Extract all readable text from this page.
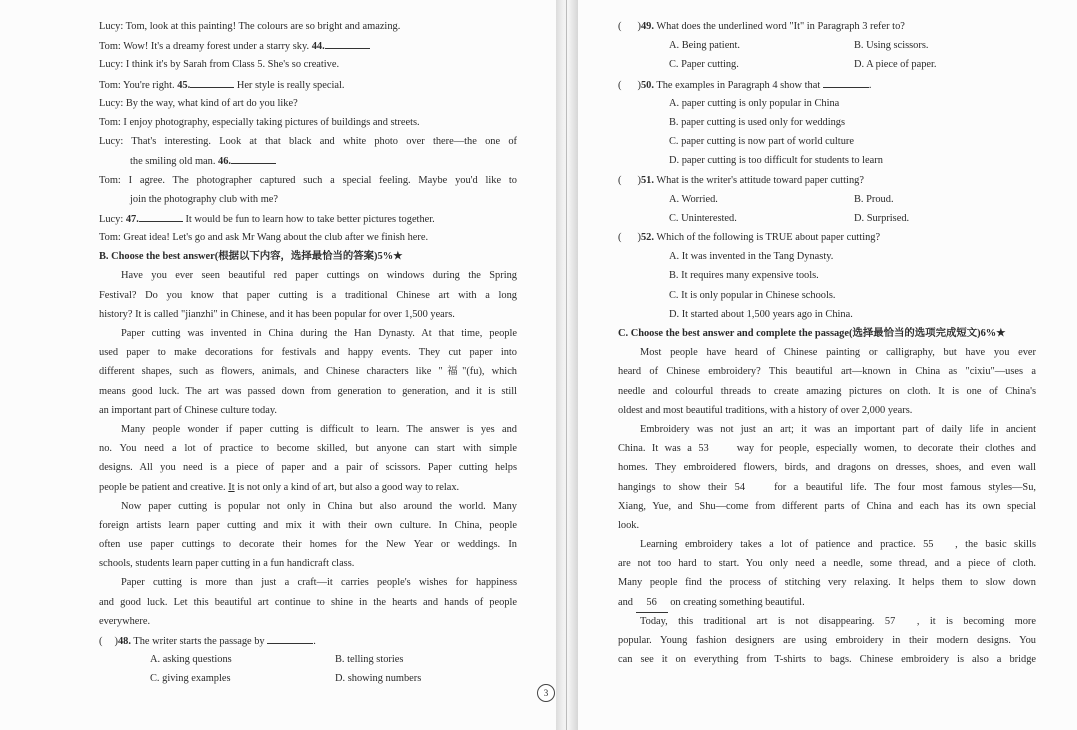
Lucy: Tom, look at this painting! The colours are so bright and amazing.
Tom: Wow! It's a dreamy forest under a starry sky. 44.
Lucy: I think it's by Sarah from Class 5. She's so creative.
Tom: You're right. 45.	Her style is really special.
Lucy: By the way, what kind of art do you like?
Tom: I enjoy photography, especially taking pictures of buildings and streets.
Lucy: That's interesting. Look at that black and white photo over there—the one of
the smiling old man. 46.
Tom: I agree. The photographer captured such a special feeling. Maybe you'd like to
join the photography club with me?
Lucy: 47.	It would be fun to learn how to take better pictures together.
Tom: Great idea! Let's go and ask Mr Wang about the club after we finish here.
B. Choose the best answer(根据以下内容，选择最恰当的答案)5%★
Have you ever seen beautiful red paper cuttings on windows during the Spring
Festival? Do you know that paper cutting is a traditional Chinese art with a long
history? It is called "jianzhi" in Chinese, and it has been popular for over 1,500 years.
Paper cutting was invented in China during the Han Dynasty. At that time, people
used paper to make decorations for festivals and happy events. They cut paper into
different shapes, such as flowers, animals, and Chinese characters like "福"(fu), which
means good luck. The art was passed down from generation to generation, and it is still
an important part of Chinese culture today.
Many people wonder if paper cutting is difficult to learn. The answer is yes and
no. You need a lot of practice to become skilled, but anyone can start with simple
designs. All you need is a piece of paper and a pair of scissors. Paper cutting helps
people be patient and creative. It is not only a kind of art, but also a good way to relax.
Now paper cutting is popular not only in China but also around the world. Many
foreign artists learn paper cutting and mix it with their own culture. In China, people
often use paper cuttings to decorate their homes for the New Year or weddings. In
schools, students learn paper cutting in a fun handicraft class.
Paper cutting is more than just a craft—it carries people's wishes for happiness
and good luck. Let this beautiful art continue to shine in the hearts and hands of people
everywhere.
( )48. The writer starts the passage by	.
A. asking questions	B. telling stories
C. giving examples	D. showing numbers
3
( )49. What does the underlined word "It" in Paragraph 3 refer to?
A. Being patient.	B. Using scissors.
C. Paper cutting.	D. A piece of paper.
( )50. The examples in Paragraph 4 show that	.
A. paper cutting is only popular in China
B. paper cutting is used only for weddings
C. paper cutting is now part of world culture
D. paper cutting is too difficult for students to learn
( )51. What is the writer's attitude toward paper cutting?
A. Worried.	B. Proud.
C. Uninterested.	D. Surprised.
( )52. Which of the following is TRUE about paper cutting?
A. It was invented in the Tang Dynasty.
B. It requires many expensive tools.
C. It is only popular in Chinese schools.
D. It started about 1,500 years ago in China.
C. Choose the best answer and complete the passage(选择最恰当的选项完成短文)6%★
Most people have heard of Chinese painting or calligraphy, but have you ever
heard of Chinese embroidery? This beautiful art—known in China as "cixiu"—uses a
needle and colourful threads to create amazing pictures on cloth. It is one of China's
oldest and most beautiful traditions, with a history of over 2,000 years.
Embroidery was not just an art; it was an important part of daily life in ancient
China. It was a 53 way for people, especially women, to decorate their clothes and
homes. They embroidered flowers, birds, and dragons on dresses, shoes, and even wall
hangings to show their 54 for a beautiful life. The four most famous styles—Su,
Xiang, Yue, and Shu—come from different parts of China and each has its own special
look.
Learning embroidery takes a lot of patience and practice. 55 , the basic skills
are not too hard to start. You only need a needle, some thread, and a piece of cloth.
Many people find the process of stitching very relaxing. It helps them to slow down
and 56 on creating something beautiful.
Today, this traditional art is not disappearing. 57 , it is becoming more
popular. Young fashion designers are using embroidery in their modern designs. You
can see it on everything from T-shirts to bags. Chinese embroidery is also a bridge
